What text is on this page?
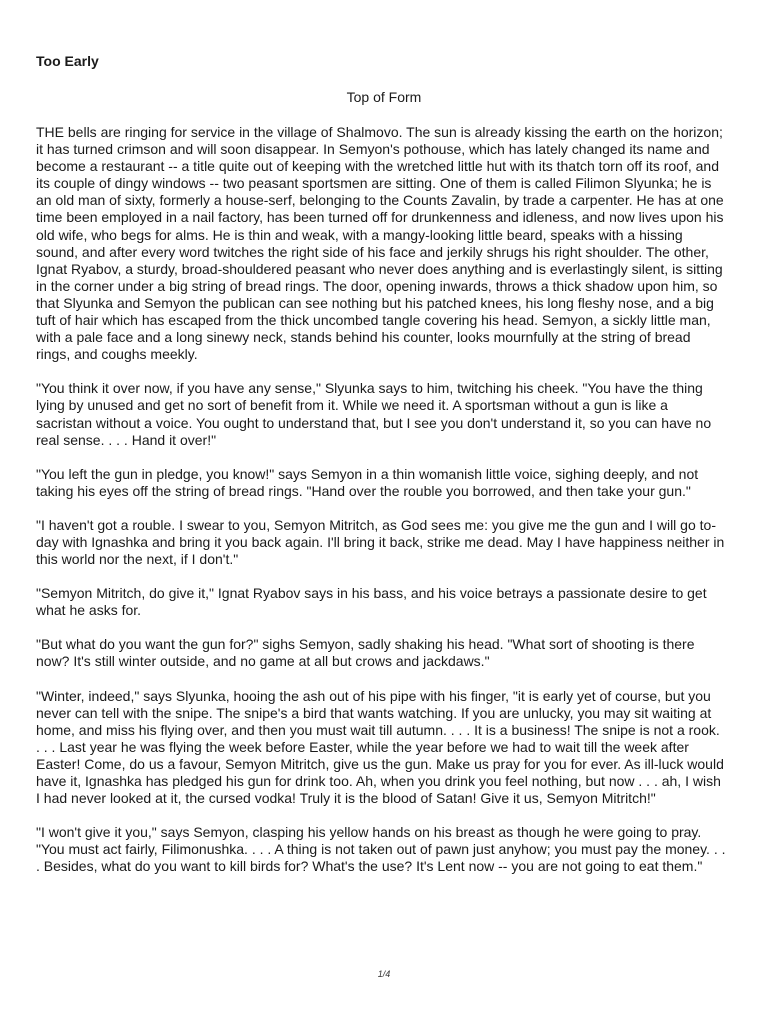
Too Early
Top of Form

THE bells are ringing for service in the village of Shalmovo. The sun is already kissing the earth on the horizon; it has turned crimson and will soon disappear. In Semyon's pothouse, which has lately changed its name and become a restaurant -- a title quite out of keeping with the wretched little hut with its thatch torn off its roof, and its couple of dingy windows -- two peasant sportsmen are sitting. One of them is called Filimon Slyunka; he is an old man of sixty, formerly a house-serf, belonging to the Counts Zavalin, by trade a carpenter. He has at one time been employed in a nail factory, has been turned off for drunkenness and idleness, and now lives upon his old wife, who begs for alms. He is thin and weak, with a mangy-looking little beard, speaks with a hissing sound, and after every word twitches the right side of his face and jerkily shrugs his right shoulder. The other, Ignat Ryabov, a sturdy, broad-shouldered peasant who never does anything and is everlastingly silent, is sitting in the corner under a big string of bread rings. The door, opening inwards, throws a thick shadow upon him, so that Slyunka and Semyon the publican can see nothing but his patched knees, his long fleshy nose, and a big tuft of hair which has escaped from the thick uncombed tangle covering his head. Semyon, a sickly little man, with a pale face and a long sinewy neck, stands behind his counter, looks mournfully at the string of bread rings, and coughs meekly.

"You think it over now, if you have any sense," Slyunka says to him, twitching his cheek. "You have the thing lying by unused and get no sort of benefit from it. While we need it. A sportsman without a gun is like a sacristan without a voice. You ought to understand that, but I see you don't understand it, so you can have no real sense. . . . Hand it over!"

"You left the gun in pledge, you know!" says Semyon in a thin womanish little voice, sighing deeply, and not taking his eyes off the string of bread rings. "Hand over the rouble you borrowed, and then take your gun."

"I haven't got a rouble. I swear to you, Semyon Mitritch, as God sees me: you give me the gun and I will go to-day with Ignashka and bring it you back again. I'll bring it back, strike me dead. May I have happiness neither in this world nor the next, if I don't."

"Semyon Mitritch, do give it," Ignat Ryabov says in his bass, and his voice betrays a passionate desire to get what he asks for.

"But what do you want the gun for?" sighs Semyon, sadly shaking his head. "What sort of shooting is there now? It's still winter outside, and no game at all but crows and jackdaws."

"Winter, indeed," says Slyunka, hooing the ash out of his pipe with his finger, "it is early yet of course, but you never can tell with the snipe. The snipe's a bird that wants watching. If you are unlucky, you may sit waiting at home, and miss his flying over, and then you must wait till autumn. . . . It is a business! The snipe is not a rook. . . . Last year he was flying the week before Easter, while the year before we had to wait till the week after Easter! Come, do us a favour, Semyon Mitritch, give us the gun. Make us pray for you for ever. As ill-luck would have it, Ignashka has pledged his gun for drink too. Ah, when you drink you feel nothing, but now . . . ah, I wish I had never looked at it, the cursed vodka! Truly it is the blood of Satan! Give it us, Semyon Mitritch!"

"I won't give it you," says Semyon, clasping his yellow hands on his breast as though he were going to pray. "You must act fairly, Filimonushka. . . . A thing is not taken out of pawn just anyhow; you must pay the money. . . . Besides, what do you want to kill birds for? What's the use? It's Lent now -- you are not going to eat them."

1/4
